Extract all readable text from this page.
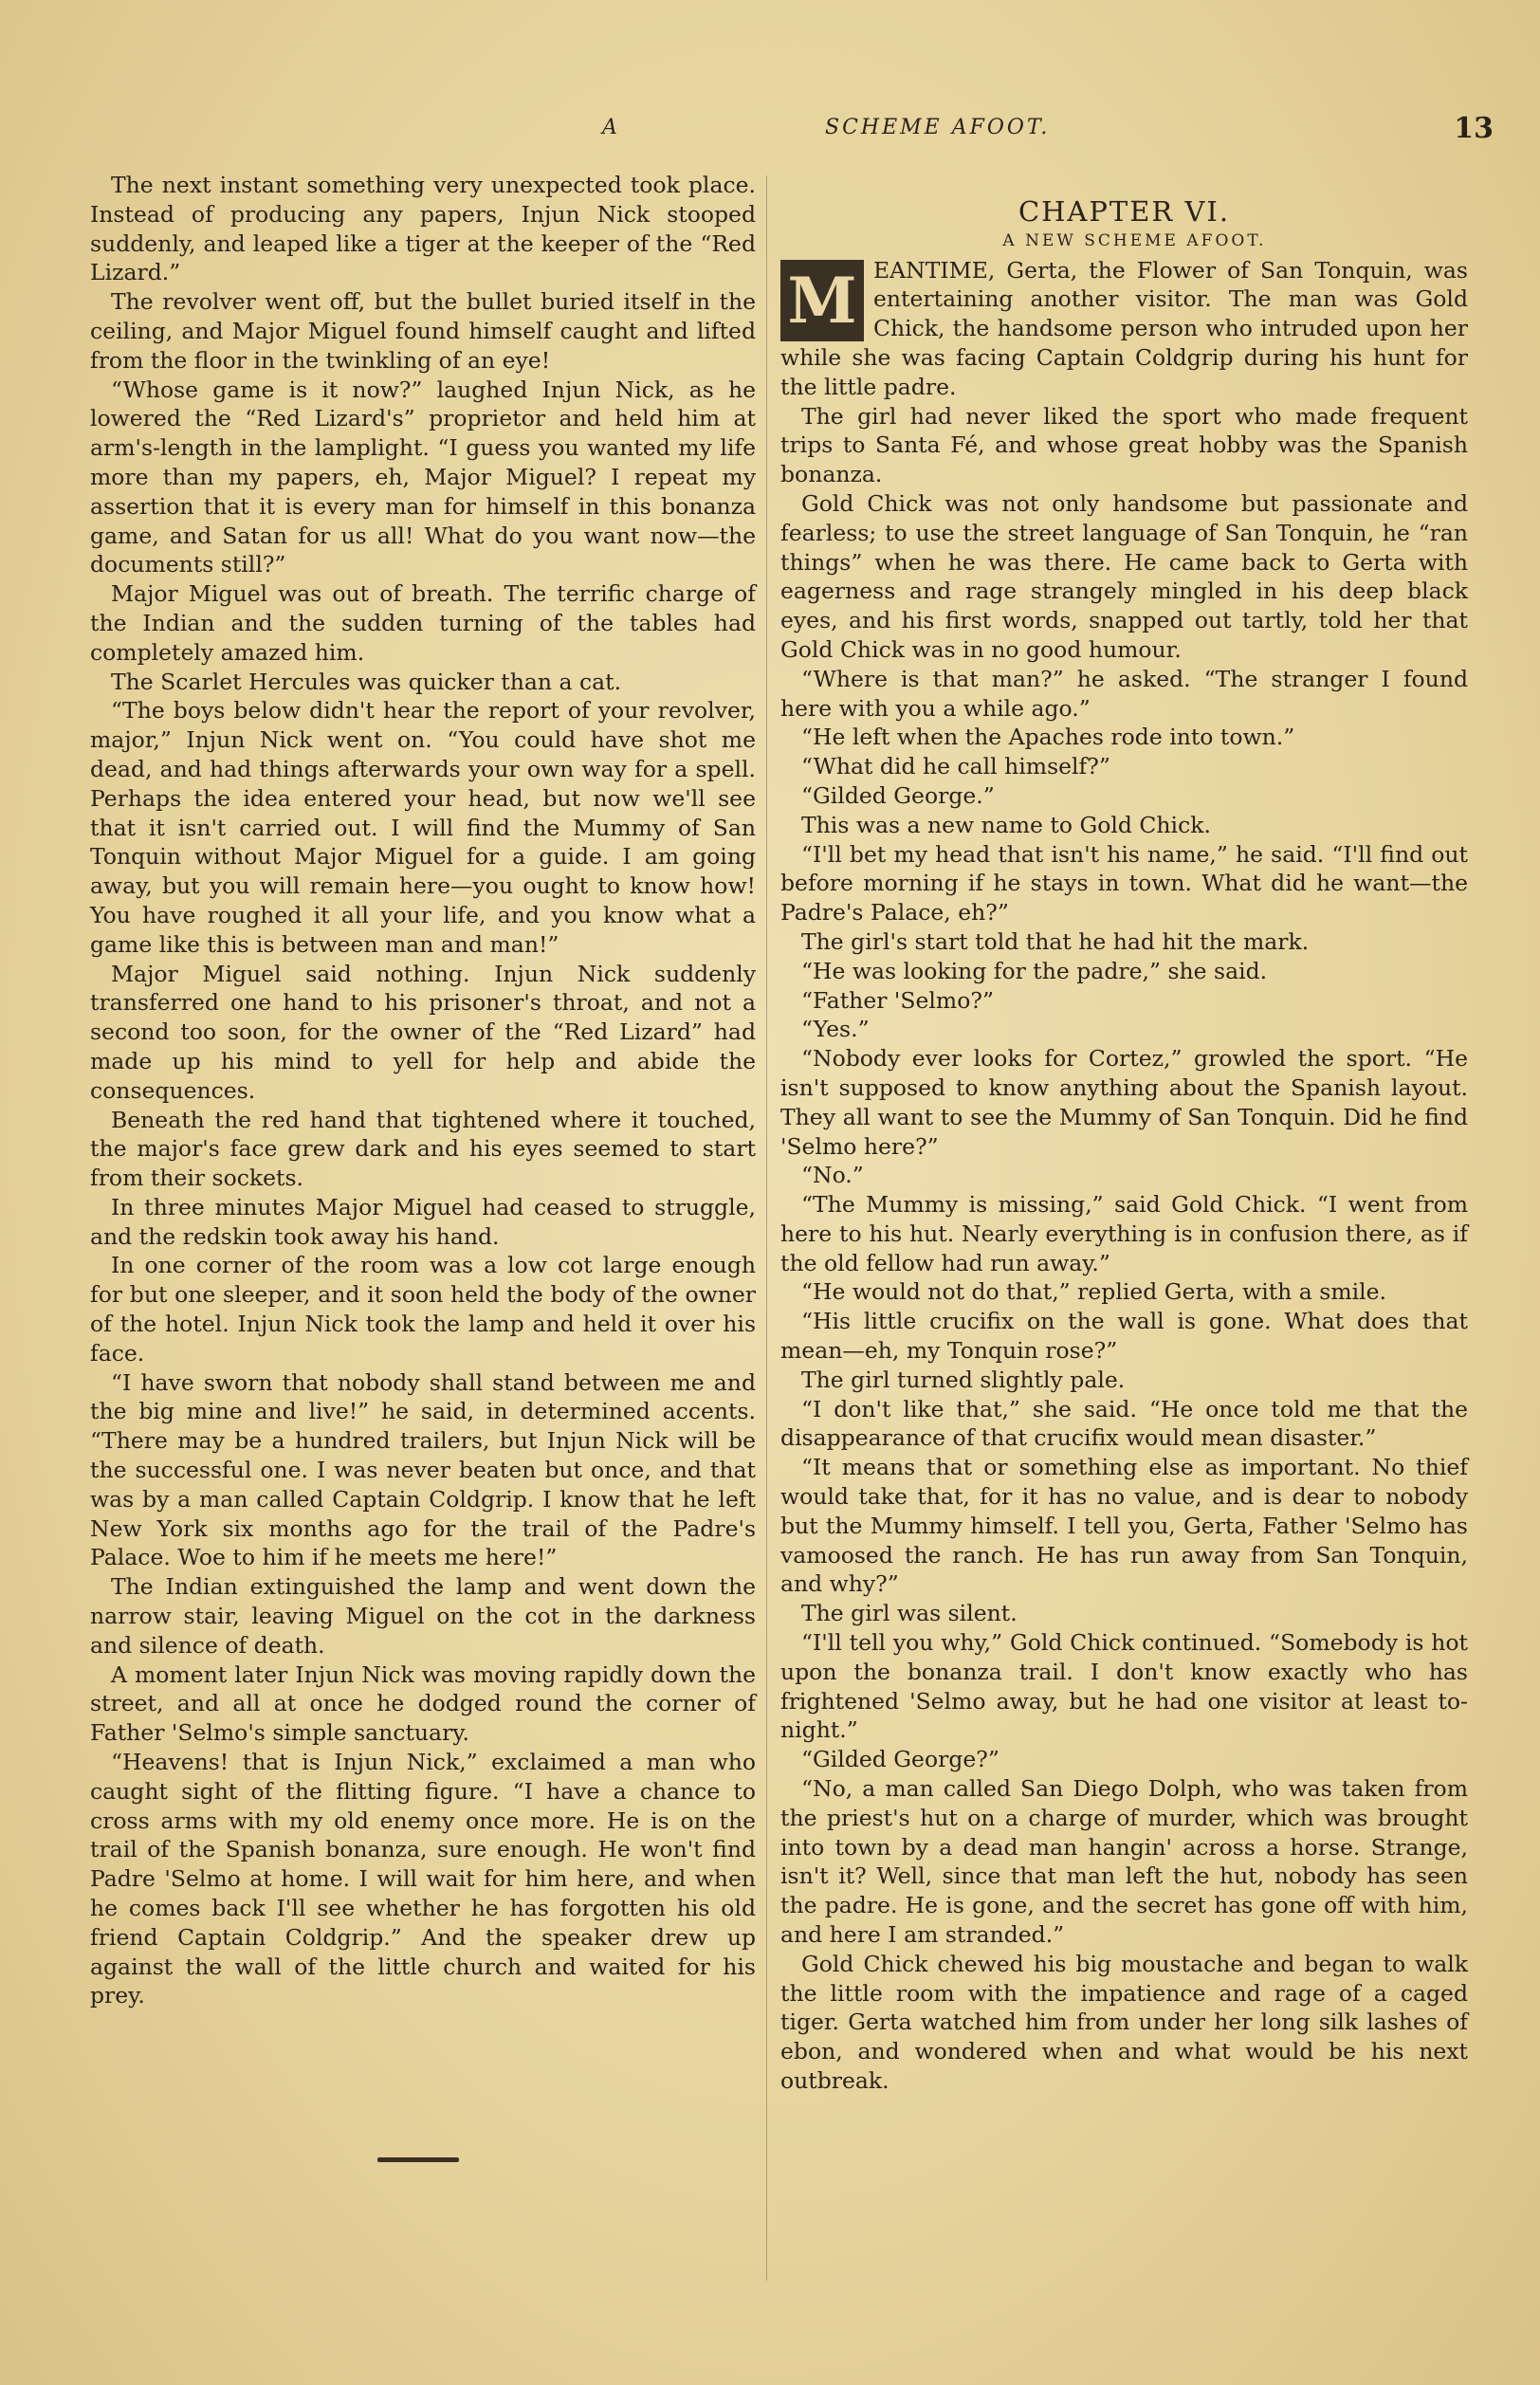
A	SCHEME AFOOT.	13

The next instant something very unexpected took place. Instead of producing any papers, Injun Nick stooped suddenly, and leaped like a tiger at the keeper of the “Red Lizard.”

The revolver went off, but the bullet buried itself in the ceiling, and Major Miguel found himself caught and lifted from the floor in the twinkling of an eye!

“Whose game is it now?” laughed Injun Nick, as he lowered the “Red Lizard's” proprietor and held him at arm's-length in the lamplight. “I guess you wanted my life more than my papers, eh, Major Miguel? I repeat my assertion that it is every man for himself in this bonanza game, and Satan for us all! What do you want now—the documents still?”

Major Miguel was out of breath. The terrific charge of the Indian and the sudden turning of the tables had completely amazed him.

The Scarlet Hercules was quicker than a cat.

“The boys below didn't hear the report of your revolver, major,” Injun Nick went on. “You could have shot me dead, and had things afterwards your own way for a spell. Perhaps the idea entered your head, but now we'll see that it isn't carried out. I will find the Mummy of San Tonquin without Major Miguel for a guide. I am going away, but you will remain here—you ought to know how! You have roughed it all your life, and you know what a game like this is between man and man!”

Major Miguel said nothing. Injun Nick suddenly transferred one hand to his prisoner's throat, and not a second too soon, for the owner of the “Red Lizard” had made up his mind to yell for help and abide the consequences.

Beneath the red hand that tightened where it touched, the major's face grew dark and his eyes seemed to start from their sockets.

In three minutes Major Miguel had ceased to struggle, and the redskin took away his hand.

In one corner of the room was a low cot large enough for but one sleeper, and it soon held the body of the owner of the hotel. Injun Nick took the lamp and held it over his face.

“I have sworn that nobody shall stand between me and the big mine and live!” he said, in determined accents. “There may be a hundred trailers, but Injun Nick will be the successful one. I was never beaten but once, and that was by a man called Captain Coldgrip. I know that he left New York six months ago for the trail of the Padre's Palace. Woe to him if he meets me here!”

The Indian extinguished the lamp and went down the narrow stair, leaving Miguel on the cot in the darkness and silence of death.

A moment later Injun Nick was moving rapidly down the street, and all at once he dodged round the corner of Father 'Selmo's simple sanctuary.

“Heavens! that is Injun Nick,” exclaimed a man who caught sight of the flitting figure. “I have a chance to cross arms with my old enemy once more. He is on the trail of the Spanish bonanza, sure enough. He won't find Padre 'Selmo at home. I will wait for him here, and when he comes back I'll see whether he has forgotten his old friend Captain Coldgrip.” And the speaker drew up against the wall of the little church and waited for his prey.

CHAPTER VI.

A NEW SCHEME AFOOT.

M EANTIME, Gerta, the Flower of San Tonquin, was entertaining another visitor. The man was Gold Chick, the handsome person who intruded upon her while she was facing Captain Coldgrip during his hunt for the little padre.

The girl had never liked the sport who made frequent trips to Santa Fé, and whose great hobby was the Spanish bonanza.

Gold Chick was not only handsome but passionate and fearless; to use the street language of San Tonquin, he “ran things” when he was there. He came back to Gerta with eagerness and rage strangely mingled in his deep black eyes, and his first words, snapped out tartly, told her that Gold Chick was in no good humour.

“Where is that man?” he asked. “The stranger I found here with you a while ago.”

“He left when the Apaches rode into town.”

“What did he call himself?”

“Gilded George.”

This was a new name to Gold Chick.

“I'll bet my head that isn't his name,” he said. “I'll find out before morning if he stays in town. What did he want—the Padre's Palace, eh?”

The girl's start told that he had hit the mark.

“He was looking for the padre,” she said.

“Father 'Selmo?”

“Yes.”

“Nobody ever looks for Cortez,” growled the sport. “He isn't supposed to know anything about the Spanish layout. They all want to see the Mummy of San Tonquin. Did he find 'Selmo here?”

“No.”

“The Mummy is missing,” said Gold Chick. “I went from here to his hut. Nearly everything is in confusion there, as if the old fellow had run away.”

“He would not do that,” replied Gerta, with a smile.

“His little crucifix on the wall is gone. What does that mean—eh, my Tonquin rose?”

The girl turned slightly pale.

“I don't like that,” she said. “He once told me that the disappearance of that crucifix would mean disaster.”

“It means that or something else as important. No thief would take that, for it has no value, and is dear to nobody but the Mummy himself. I tell you, Gerta, Father 'Selmo has vamoosed the ranch. He has run away from San Tonquin, and why?”

The girl was silent.

“I'll tell you why,” Gold Chick continued. “Somebody is hot upon the bonanza trail. I don't know exactly who has frightened 'Selmo away, but he had one visitor at least to-night.”

“Gilded George?”

“No, a man called San Diego Dolph, who was taken from the priest's hut on a charge of murder, which was brought into town by a dead man hangin' across a horse. Strange, isn't it? Well, since that man left the hut, nobody has seen the padre. He is gone, and the secret has gone off with him, and here I am stranded.”

Gold Chick chewed his big moustache and began to walk the little room with the impatience and rage of a caged tiger. Gerta watched him from under her long silk lashes of ebon, and wondered when and what would be his next outbreak.
